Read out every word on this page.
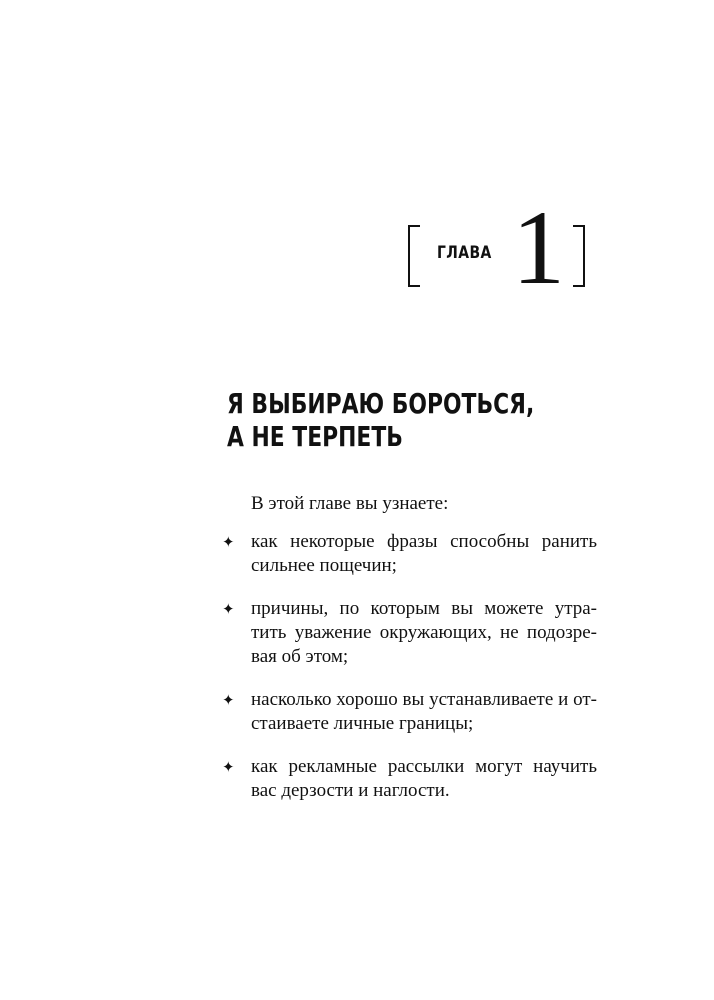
ГЛАВА 1
Я ВЫБИРАЮ БОРОТЬСЯ,
А НЕ ТЕРПЕТЬ
В этой главе вы узнаете:
✦ как некоторые фразы способны ранить
сильнее пощечин;
✦ причины, по которым вы можете утра-
тить уважение окружающих, не подозре-
вая об этом;
✦ насколько хорошо вы устанавливаете и от-
стаиваете личные границы;
✦ как рекламные рассылки могут научить
вас дерзости и наглости.
